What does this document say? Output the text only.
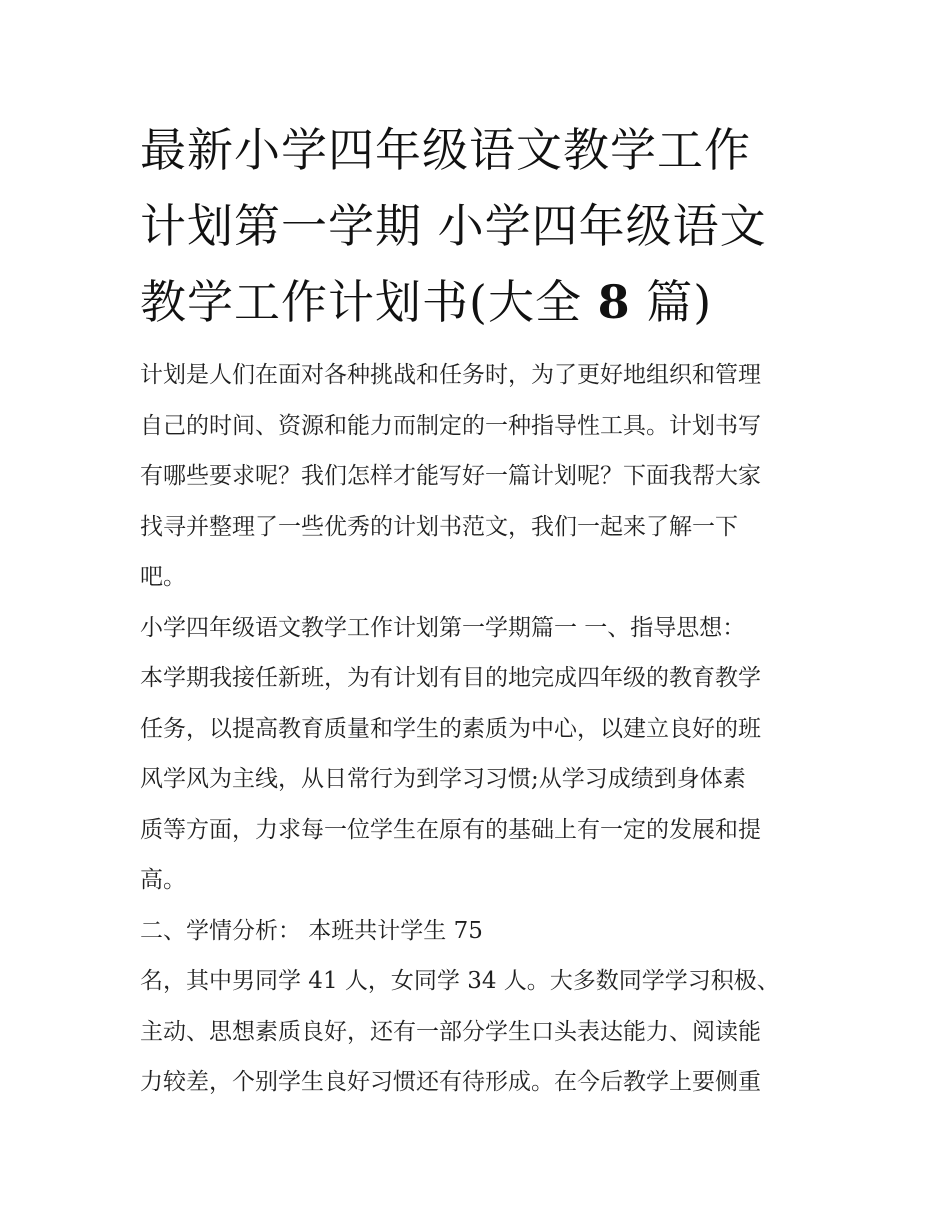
最新小学四年级语文教学工作
计划第一学期 小学四年级语文
教学工作计划书(大全 8 篇)

计划是人们在面对各种挑战和任务时，为了更好地组织和管理
自己的时间、资源和能力而制定的一种指导性工具。计划书写
有哪些要求呢？我们怎样才能写好一篇计划呢？下面我帮大家
找寻并整理了一些优秀的计划书范文，我们一起来了解一下
吧。

小学四年级语文教学工作计划第一学期篇一 一、指导思想：
本学期我接任新班，为有计划有目的地完成四年级的教育教学
任务，以提高教育质量和学生的素质为中心，以建立良好的班
风学风为主线，从日常行为到学习习惯;从学习成绩到身体素
质等方面，力求每一位学生在原有的基础上有一定的发展和提
高。

二、学情分析： 本班共计学生 75
名，其中男同学 41 人，女同学 34 人。大多数同学学习积极、
主动、思想素质良好，还有一部分学生口头表达能力、阅读能
力较差，个别学生良好习惯还有待形成。在今后教学上要侧重
